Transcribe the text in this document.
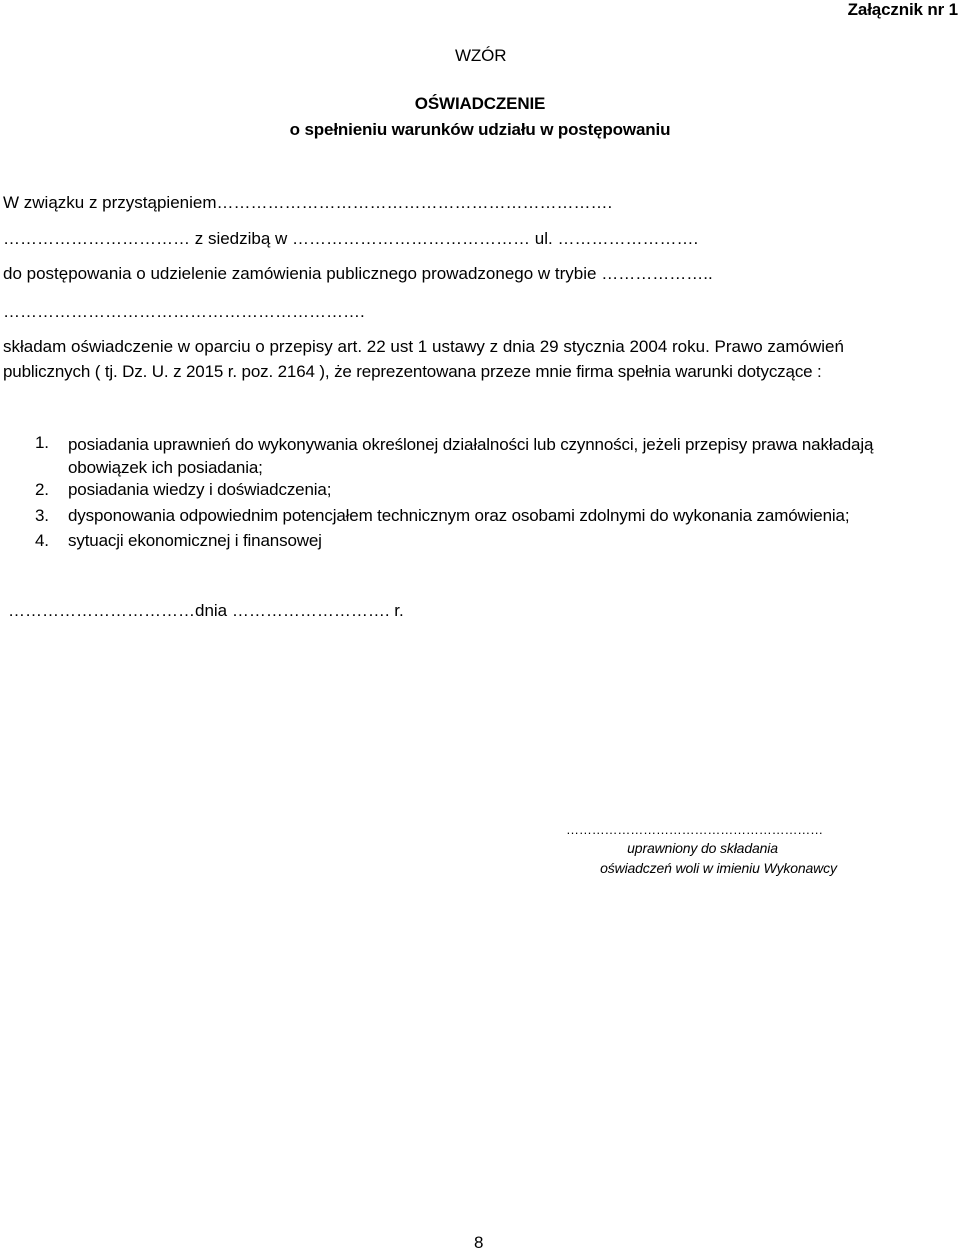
Załącznik nr 1
WZÓR
OŚWIADCZENIE
o spełnieniu warunków udziału w postępowaniu
W związku z przystąpieniem…………………………………………………………….
…………………………… z siedzibą w …………………………………… ul. …………………….
do postępowania o udzielenie zamówienia publicznego prowadzonego w trybie ………………..
……………………………………………………….
składam oświadczenie w oparciu o przepisy art. 22 ust 1 ustawy z dnia 29 stycznia 2004 roku. Prawo zamówień
publicznych ( tj. Dz. U. z 2015 r. poz. 2164 ), że reprezentowana przeze mnie firma spełnia warunki dotyczące :
1. posiadania uprawnień do wykonywania określonej działalności lub czynności, jeżeli przepisy prawa nakładają obowiązek ich posiadania;
2. posiadania wiedzy i doświadczenia;
3. dysponowania odpowiednim potencjałem technicznym oraz osobami zdolnymi do wykonania zamówienia;
4. sytuacji ekonomicznej i finansowej
……………………………dnia ………………………. r.
……………………………………………………
uprawniony do składania
oświadczeń woli w imieniu Wykonawcy
8
